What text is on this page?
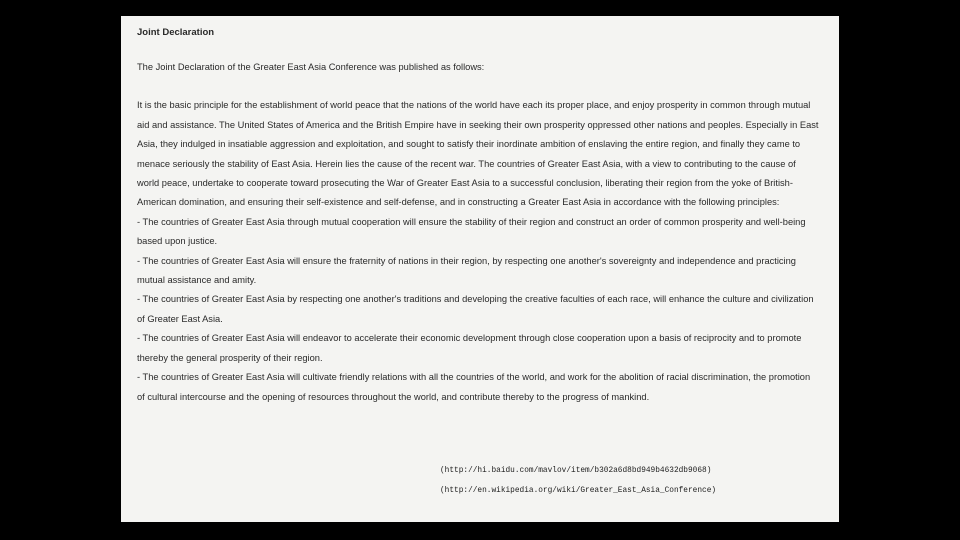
Joint Declaration

The Joint Declaration of the Greater East Asia Conference was published as follows:

It is the basic principle for the establishment of world peace that the nations of the world have each its proper place, and enjoy prosperity in common through mutual aid and assistance. The United States of America and the British Empire have in seeking their own prosperity oppressed other nations and peoples. Especially in East Asia, they indulged in insatiable aggression and exploitation, and sought to satisfy their inordinate ambition of enslaving the entire region, and finally they came to menace seriously the stability of East Asia. Herein lies the cause of the recent war. The countries of Greater East Asia, with a view to contributing to the cause of world peace, undertake to cooperate toward prosecuting the War of Greater East Asia to a successful conclusion, liberating their region from the yoke of British-American domination, and ensuring their self-existence and self-defense, and in constructing a Greater East Asia in accordance with the following principles:

- The countries of Greater East Asia through mutual cooperation will ensure the stability of their region and construct an order of common prosperity and well-being based upon justice.
- The countries of Greater East Asia will ensure the fraternity of nations in their region, by respecting one another's sovereignty and independence and practicing mutual assistance and amity.
- The countries of Greater East Asia by respecting one another's traditions and developing the creative faculties of each race, will enhance the culture and civilization of Greater East Asia.
- The countries of Greater East Asia will endeavor to accelerate their economic development through close cooperation upon a basis of reciprocity and to promote thereby the general prosperity of their region.
- The countries of Greater East Asia will cultivate friendly relations with all the countries of the world, and work for the abolition of racial discrimination, the promotion of cultural intercourse and the opening of resources throughout the world, and contribute thereby to the progress of mankind.
(http://hi.baidu.com/mavlov/item/b302a6d8bd949b4632db9068)
(http://en.wikipedia.org/wiki/Greater_East_Asia_Conference)
